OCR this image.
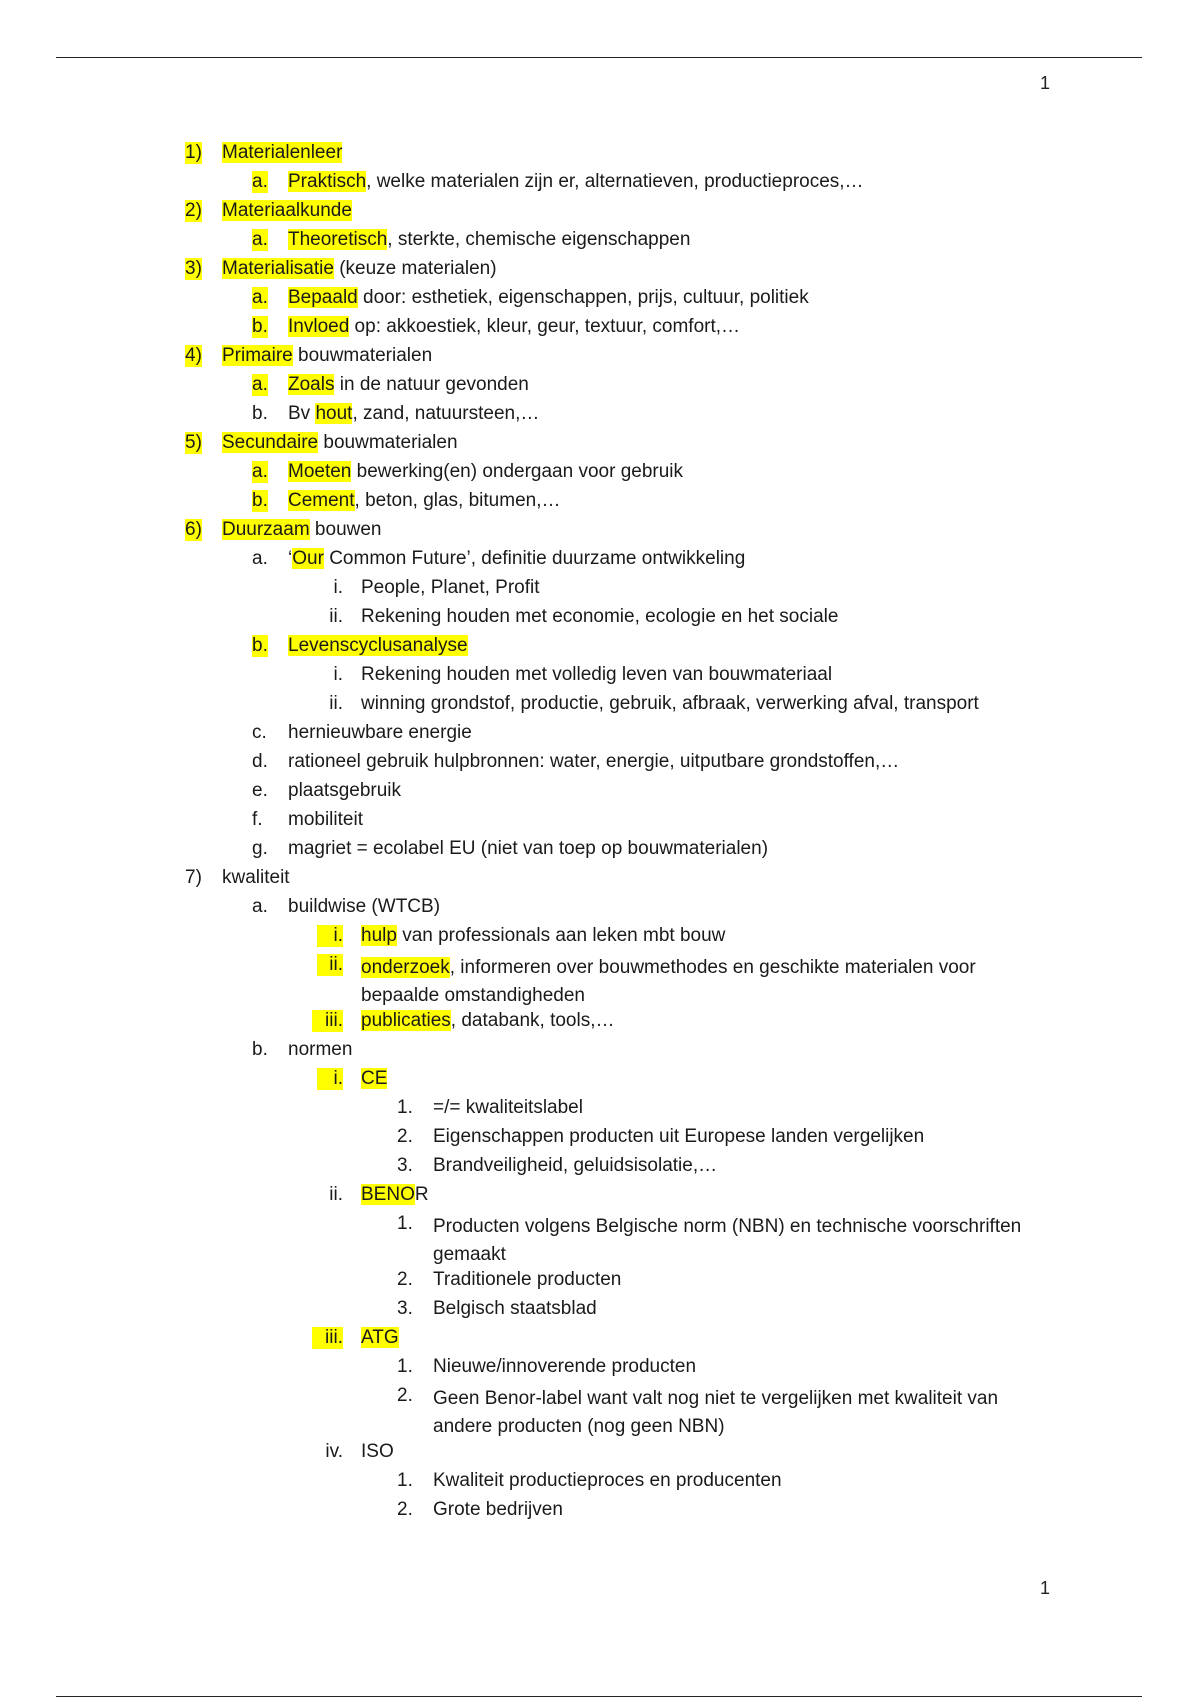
1
1) Materialenleer
a. Praktisch, welke materialen zijn er, alternatieven, productieproces,…
2) Materiaalkunde
a. Theoretisch, sterkte, chemische eigenschappen
3) Materialisatie (keuze materialen)
a. Bepaald door: esthetiek, eigenschappen, prijs, cultuur, politiek
b. Invloed op: akkoestiek, kleur, geur, textuur, comfort,…
4) Primaire bouwmaterialen
a. Zoals in de natuur gevonden
b. Bv hout, zand, natuursteen,…
5) Secundaire bouwmaterialen
a. Moeten bewerking(en) ondergaan voor gebruik
b. Cement, beton, glas, bitumen,…
6) Duurzaam bouwen
a. ‘Our Common Future’, definitie duurzame ontwikkeling
i. People, Planet, Profit
ii. Rekening houden met economie, ecologie en het sociale
b. Levenscyclusanalyse
i. Rekening houden met volledig leven van bouwmateriaal
ii. winning grondstof, productie, gebruik, afbraak, verwerking afval, transport
c. hernieuwbare energie
d. rationeel gebruik hulpbronnen: water, energie, uitputbare grondstoffen,…
e. plaatsgebruik
f. mobiliteit
g. magriet = ecolabel EU (niet van toep op bouwmaterialen)
7) kwaliteit
a. buildwise (WTCB)
i. hulp van professionals aan leken mbt bouw
ii. onderzoek, informeren over bouwmethodes en geschikte materialen voor
bepaalde omstandigheden
iii. publicaties, databank, tools,…
b. normen
i. CE
1. =/= kwaliteitslabel
2. Eigenschappen producten uit Europese landen vergelijken
3. Brandveiligheid, geluidsisolatie,…
ii. BENOR
1. Producten volgens Belgische norm (NBN) en technische voorschriften
gemaakt
2. Traditionele producten
3. Belgisch staatsblad
iii. ATG
1. Nieuwe/innoverende producten
2. Geen Benor-label want valt nog niet te vergelijken met kwaliteit van
andere producten (nog geen NBN)
iv. ISO
1. Kwaliteit productieproces en producenten
2. Grote bedrijven
1
